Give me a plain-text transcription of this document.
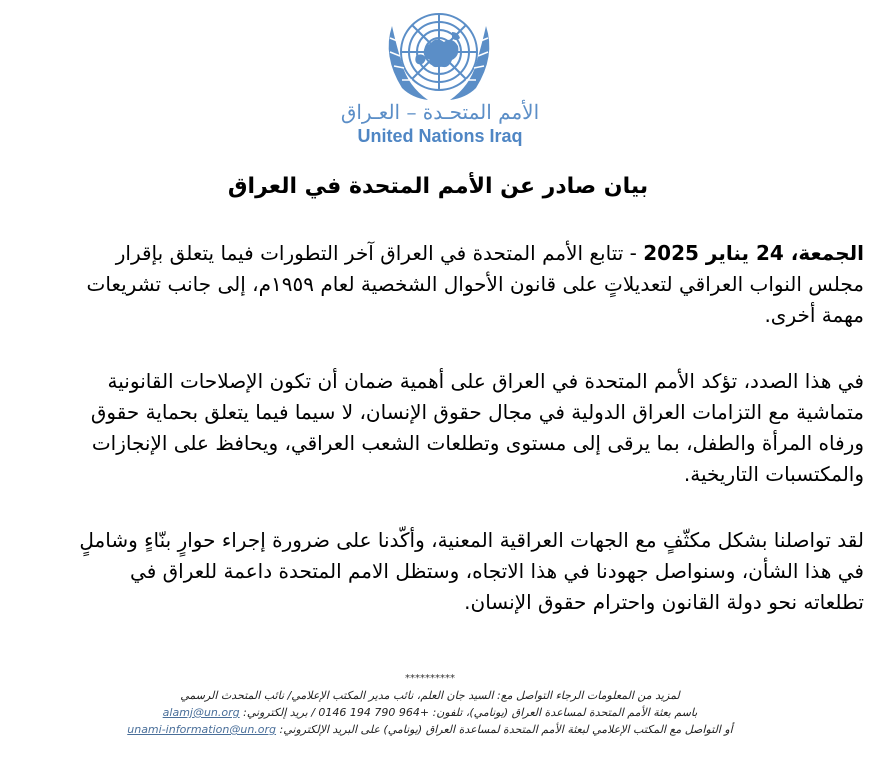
الأمم المتحـدة – العـراق
United Nations Iraq
بيان صادر عن الأمم المتحدة في العراق
الجمعة، 24 يناير 2025 - تتابع الأمم المتحدة في العراق آخر التطورات فيما يتعلق بإقرار مجلس النواب العراقي لتعديلاتٍ على قانون الأحوال الشخصية لعام ١٩٥٩م، إلى جانب تشريعات مهمة أخرى.
في هذا الصدد، تؤكد الأمم المتحدة في العراق على أهمية ضمان أن تكون الإصلاحات القانونية متماشية مع التزامات العراق الدولية في مجال حقوق الإنسان، لا سيما فيما يتعلق بحماية حقوق ورفاه المرأة والطفل، بما يرقى إلى مستوى وتطلعات الشعب العراقي، ويحافظ على الإنجازات والمكتسبات التاريخية.
لقد تواصلنا بشكل مكثّفٍ مع الجهات العراقية المعنية، وأكّدنا على ضرورة إجراء حوارٍ بنّاءٍ وشاملٍ في هذا الشأن، وسنواصل جهودنا في هذا الاتجاه، وستظل الامم المتحدة داعمة للعراق في تطلعاته نحو دولة القانون واحترام حقوق الإنسان.
**********
لمزيد من المعلومات الرجاء التواصل مع: السيد جان العلم، نائب مدير المكتب الإعلامي/ نائب المتحدث الرسمي
باسم بعثة الأمم المتحدة لمساعدة العراق (يونامي)، تلفون: 0146 194 790 964+ / بريد إلكتروني: alamj@un.org
أو التواصل مع المكتب الإعلامي لبعثة الأمم المتحدة لمساعدة العراق (يونامي) على البريد الإلكتروني: unami-information@un.org
